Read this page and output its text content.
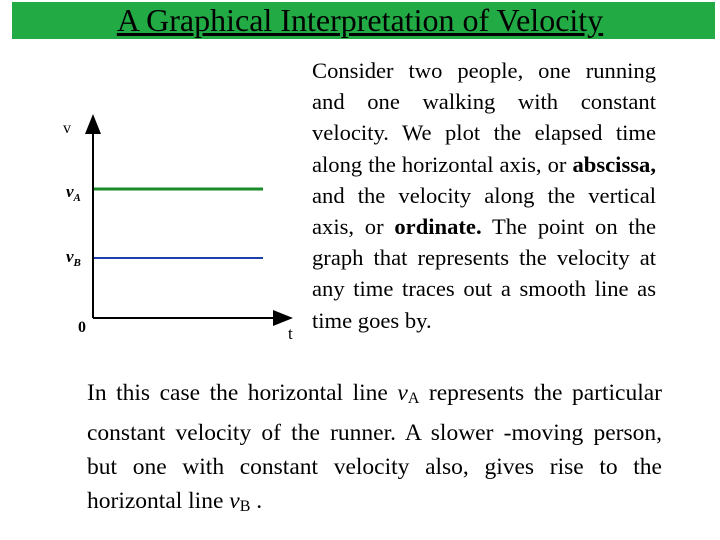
A Graphical Interpretation of Velocity
v
t
0
$v_A$
$v_B$
Consider two people, one running and one walking with constant velocity. We plot the elapsed time along the horizontal axis, or abscissa, and the velocity along the vertical axis, or ordinate. The point on the graph that represents the velocity at any time traces out a smooth line as time goes by.
In this case the horizontal line vA represents the particular constant velocity of the runner. A slower -moving person, but one with constant velocity also, gives rise to the horizontal line vB .
